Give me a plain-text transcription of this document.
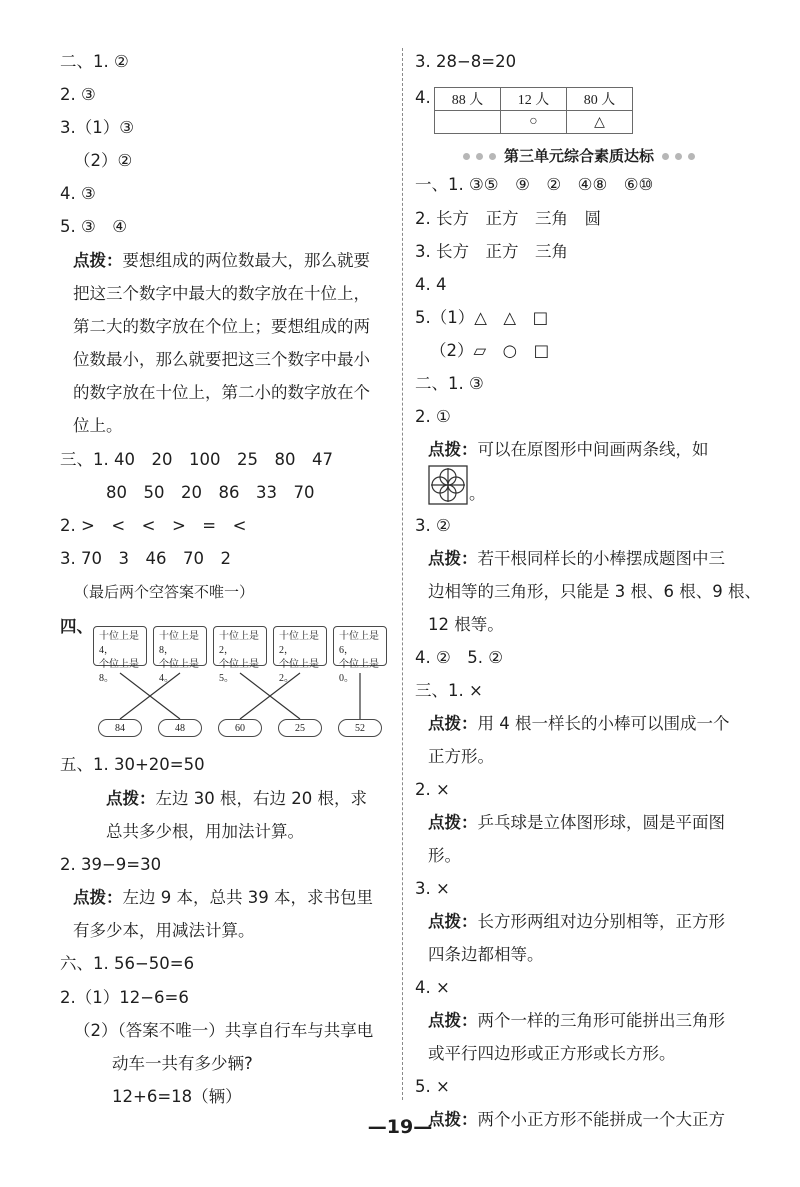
二、1. ②
2. ③
3.（1）③
（2）②
4. ③
5. ③　④
点拨：要想组成的两位数最大，那么就要
把这三个数字中最大的数字放在十位上，
第二大的数字放在个位上；要想组成的两
位数最小，那么就要把这三个数字中最小
的数字放在十位上，第二小的数字放在个
位上。
三、1. 40　20　100　25　80　47
80　50　20　86　33　70
2. >　<　<　>　=　<
3. 70　3　46　70　2
（最后两个空答案不唯一）
四、
十位上是4，
个位上是8。
十位上是8，
个位上是4。
十位上是2，
个位上是5。
十位上是2，
个位上是2。
十位上是6，
个位上是0。
84	48	60	25	52
五、1. 30+20=50
点拨：左边 30 根，右边 20 根，求
总共多少根，用加法计算。
2. 39−9=30
点拨：左边 9 本，总共 39 本，求书包里
有多少本，用减法计算。
六、1. 56−50=6
2.（1）12−6=6
（2）（答案不唯一）共享自行车与共享电
动车一共有多少辆?
12+6=18（辆）
3. 28−8=20
4. 88 人	12 人	80 人
	○	△
第三单元综合素质达标
一、1. ③⑤　⑨　②　④⑧　⑥⑩
2. 长方　正方　三角　圆
3. 长方　正方　三角
4. 4
5.（1）△　△　□
（2）▱　○　□
二、1. ③
2. ①
点拨：可以在原图形中间画两条线，如
。
3. ②
点拨：若干根同样长的小棒摆成题图中三
边相等的三角形，只能是 3 根、6 根、9 根、
12 根等。
4. ②　5. ②
三、1. ×
点拨：用 4 根一样长的小棒可以围成一个
正方形。
2. ×
点拨：乒乓球是立体图形球，圆是平面图
形。
3. ×
点拨：长方形两组对边分别相等，正方形
四条边都相等。
4. ×
点拨：两个一样的三角形可能拼出三角形
或平行四边形或正方形或长方形。
5. ×
点拨：两个小正方形不能拼成一个大正方
—19—
